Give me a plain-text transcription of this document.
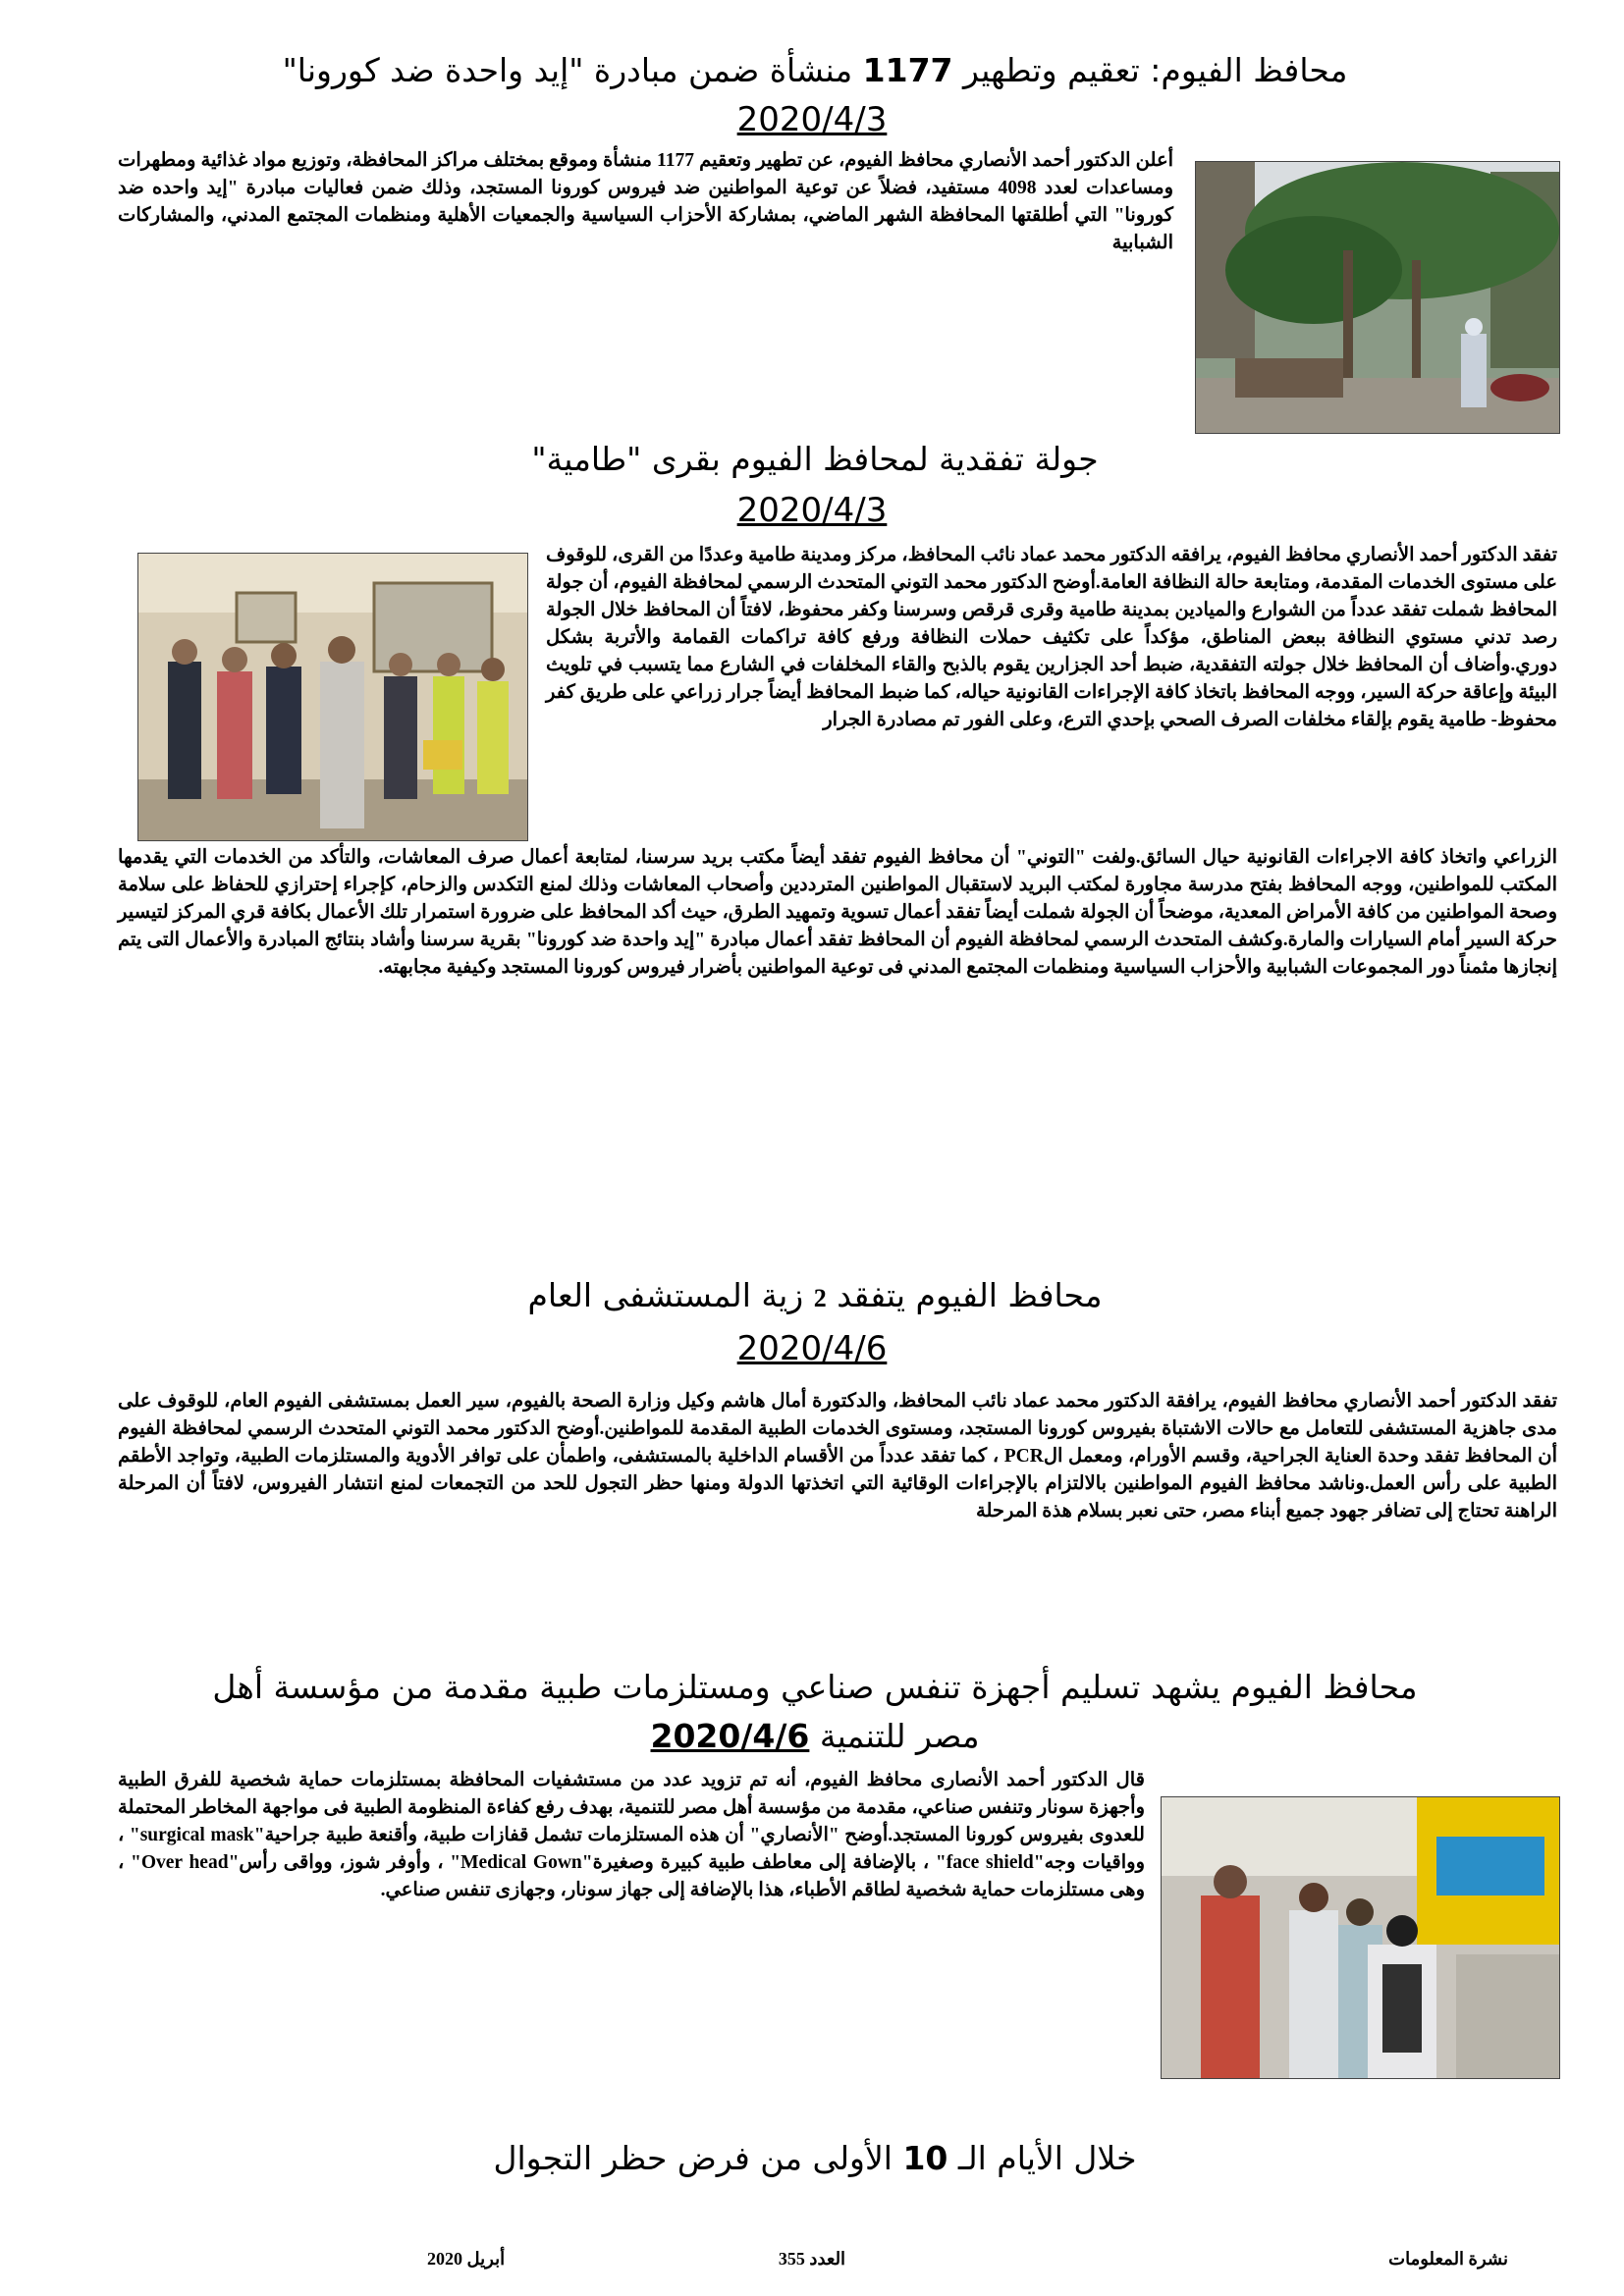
محافظ الفيوم: تعقيم وتطهير 1177 منشأة ضمن مبادرة "إيد واحدة ضد كورونا"
2020/4/3

أعلن الدكتور أحمد الأنصاري محافظ الفيوم، عن تطهير وتعقيم 1177 منشأة وموقع بمختلف مراكز المحافظة، وتوزيع مواد غذائية ومطهرات ومساعدات لعدد 4098 مستفيد، فضلاً عن توعية المواطنين ضد فيروس كورونا المستجد، وذلك ضمن فعاليات مبادرة "إيد واحده ضد كورونا" التي أطلقتها المحافظة الشهر الماضي، بمشاركة الأحزاب السياسية والجمعيات الأهلية ومنظمات المجتمع المدني، والمشاركات الشبابية

جولة تفقدية لمحافظ الفيوم بقرى "طامية"
2020/4/3

تفقد الدكتور أحمد الأنصاري محافظ الفيوم، يرافقه الدكتور محمد عماد نائب المحافظ، مركز ومدينة طامية وعددًا من القرى، للوقوف على مستوى الخدمات المقدمة، ومتابعة حالة النظافة العامة.أوضح الدكتور محمد التوني المتحدث الرسمي لمحافظة الفيوم، أن جولة المحافظ شملت تفقد عدداً من الشوارع والميادين بمدينة طامية وقرى قرقص وسرسنا وكفر محفوظ، لافتاً أن المحافظ خلال الجولة رصد تدني مستوي النظافة ببعض المناطق، مؤكداً على تكثيف حملات النظافة ورفع كافة تراكمات القمامة والأتربة بشكل دوري.وأضاف أن المحافظ خلال جولته التفقدية، ضبط أحد الجزارين يقوم بالذبح والقاء المخلفات في الشارع مما يتسبب في تلويث البيئة وإعاقة حركة السير، ووجه المحافظ باتخاذ كافة الإجراءات القانونية حياله، كما ضبط المحافظ أيضاً جرار زراعي على طريق كفر محفوظ- طامية يقوم بإلقاء مخلفات الصرف الصحي بإحدي الترع، وعلى الفور تم مصادرة الجرار

الزراعي واتخاذ كافة الاجراءات القانونية حيال السائق.ولفت "التوني" أن محافظ الفيوم تفقد أيضاً مكتب بريد سرسنا، لمتابعة أعمال صرف المعاشات، والتأكد من الخدمات التي يقدمها المكتب للمواطنين، ووجه المحافظ بفتح مدرسة مجاورة لمكتب البريد لاستقبال المواطنين المترددين وأصحاب المعاشات وذلك لمنع التكدس والزحام، كإجراء إحترازي للحفاظ على سلامة وصحة المواطنين من كافة الأمراض المعدية، موضحاً أن الجولة شملت أيضاً تفقد أعمال تسوية وتمهيد الطرق، حيث أكد المحافظ على ضرورة استمرار تلك الأعمال بكافة قري المركز لتيسير حركة السير أمام السيارات والمارة.وكشف المتحدث الرسمي لمحافظة الفيوم أن المحافظ تفقد أعمال مبادرة "إيد واحدة ضد كورونا" بقرية سرسنا وأشاد بنتائج المبادرة والأعمال التى يتم إنجازها مثمناً دور المجموعات الشبابية والأحزاب السياسية ومنظمات المجتمع المدني فى توعية المواطنين بأضرار فيروس كورونا المستجد وكيفية مجابهته.

محافظ الفيوم يتفقد 2 زية المستشفى العام
2020/4/6

تفقد الدكتور أحمد الأنصاري محافظ الفيوم، يرافقة الدكتور محمد عماد نائب المحافظ، والدكتورة أمال هاشم وكيل وزارة الصحة بالفيوم، سير العمل بمستشفى الفيوم العام، للوقوف على مدى جاهزية المستشفى للتعامل مع حالات الاشتباة بفيروس كورونا المستجد، ومستوى الخدمات الطبية المقدمة للمواطنين.أوضح الدكتور محمد التوني المتحدث الرسمي لمحافظة الفيوم أن المحافظ تفقد وحدة العناية الجراحية، وقسم الأورام، ومعمل الPCR ، كما تفقد عدداً من الأقسام الداخلية بالمستشفى، واطمأن على توافر الأدوية والمستلزمات الطبية، وتواجد الأطقم الطبية على رأس العمل.وناشد محافظ الفيوم المواطنين بالالتزام بالإجراءات الوقائية التي اتخذتها الدولة ومنها حظر التجول للحد من التجمعات لمنع انتشار الفيروس، لافتاً أن المرحلة الراهنة تحتاج إلى تضافر جهود جميع أبناء مصر، حتى نعبر بسلام هذة المرحلة

محافظ الفيوم يشهد تسليم أجهزة تنفس صناعي ومستلزمات طبية مقدمة من مؤسسة أهل
مصر للتنمية 2020/4/6

قال الدكتور أحمد الأنصارى محافظ الفيوم، أنه تم تزويد عدد من مستشفيات المحافظة بمستلزمات حماية شخصية للفرق الطبية وأجهزة سونار وتنفس صناعي، مقدمة من مؤسسة أهل مصر للتنمية، بهدف رفع كفاءة المنظومة الطبية فى مواجهة المخاطر المحتملة للعدوى بفيروس كورونا المستجد.أوضح "الأنصاري" أن هذه المستلزمات تشمل قفازات طبية، وأقنعة طبية جراحية"surgical mask" ، وواقيات وجه"face shield" ، بالإضافة إلى معاطف طبية كبيرة وصغيرة"Medical Gown" ، وأوفر شوز، وواقى رأس"Over head" ، وهى مستلزمات حماية شخصية لطاقم الأطباء، هذا بالإضافة إلى جهاز سونار، وجهازى تنفس صناعي.

خلال الأيام الـ 10 الأولى من فرض حظر التجوال
نشرة المعلومات
العدد 355
أبريل 2020
